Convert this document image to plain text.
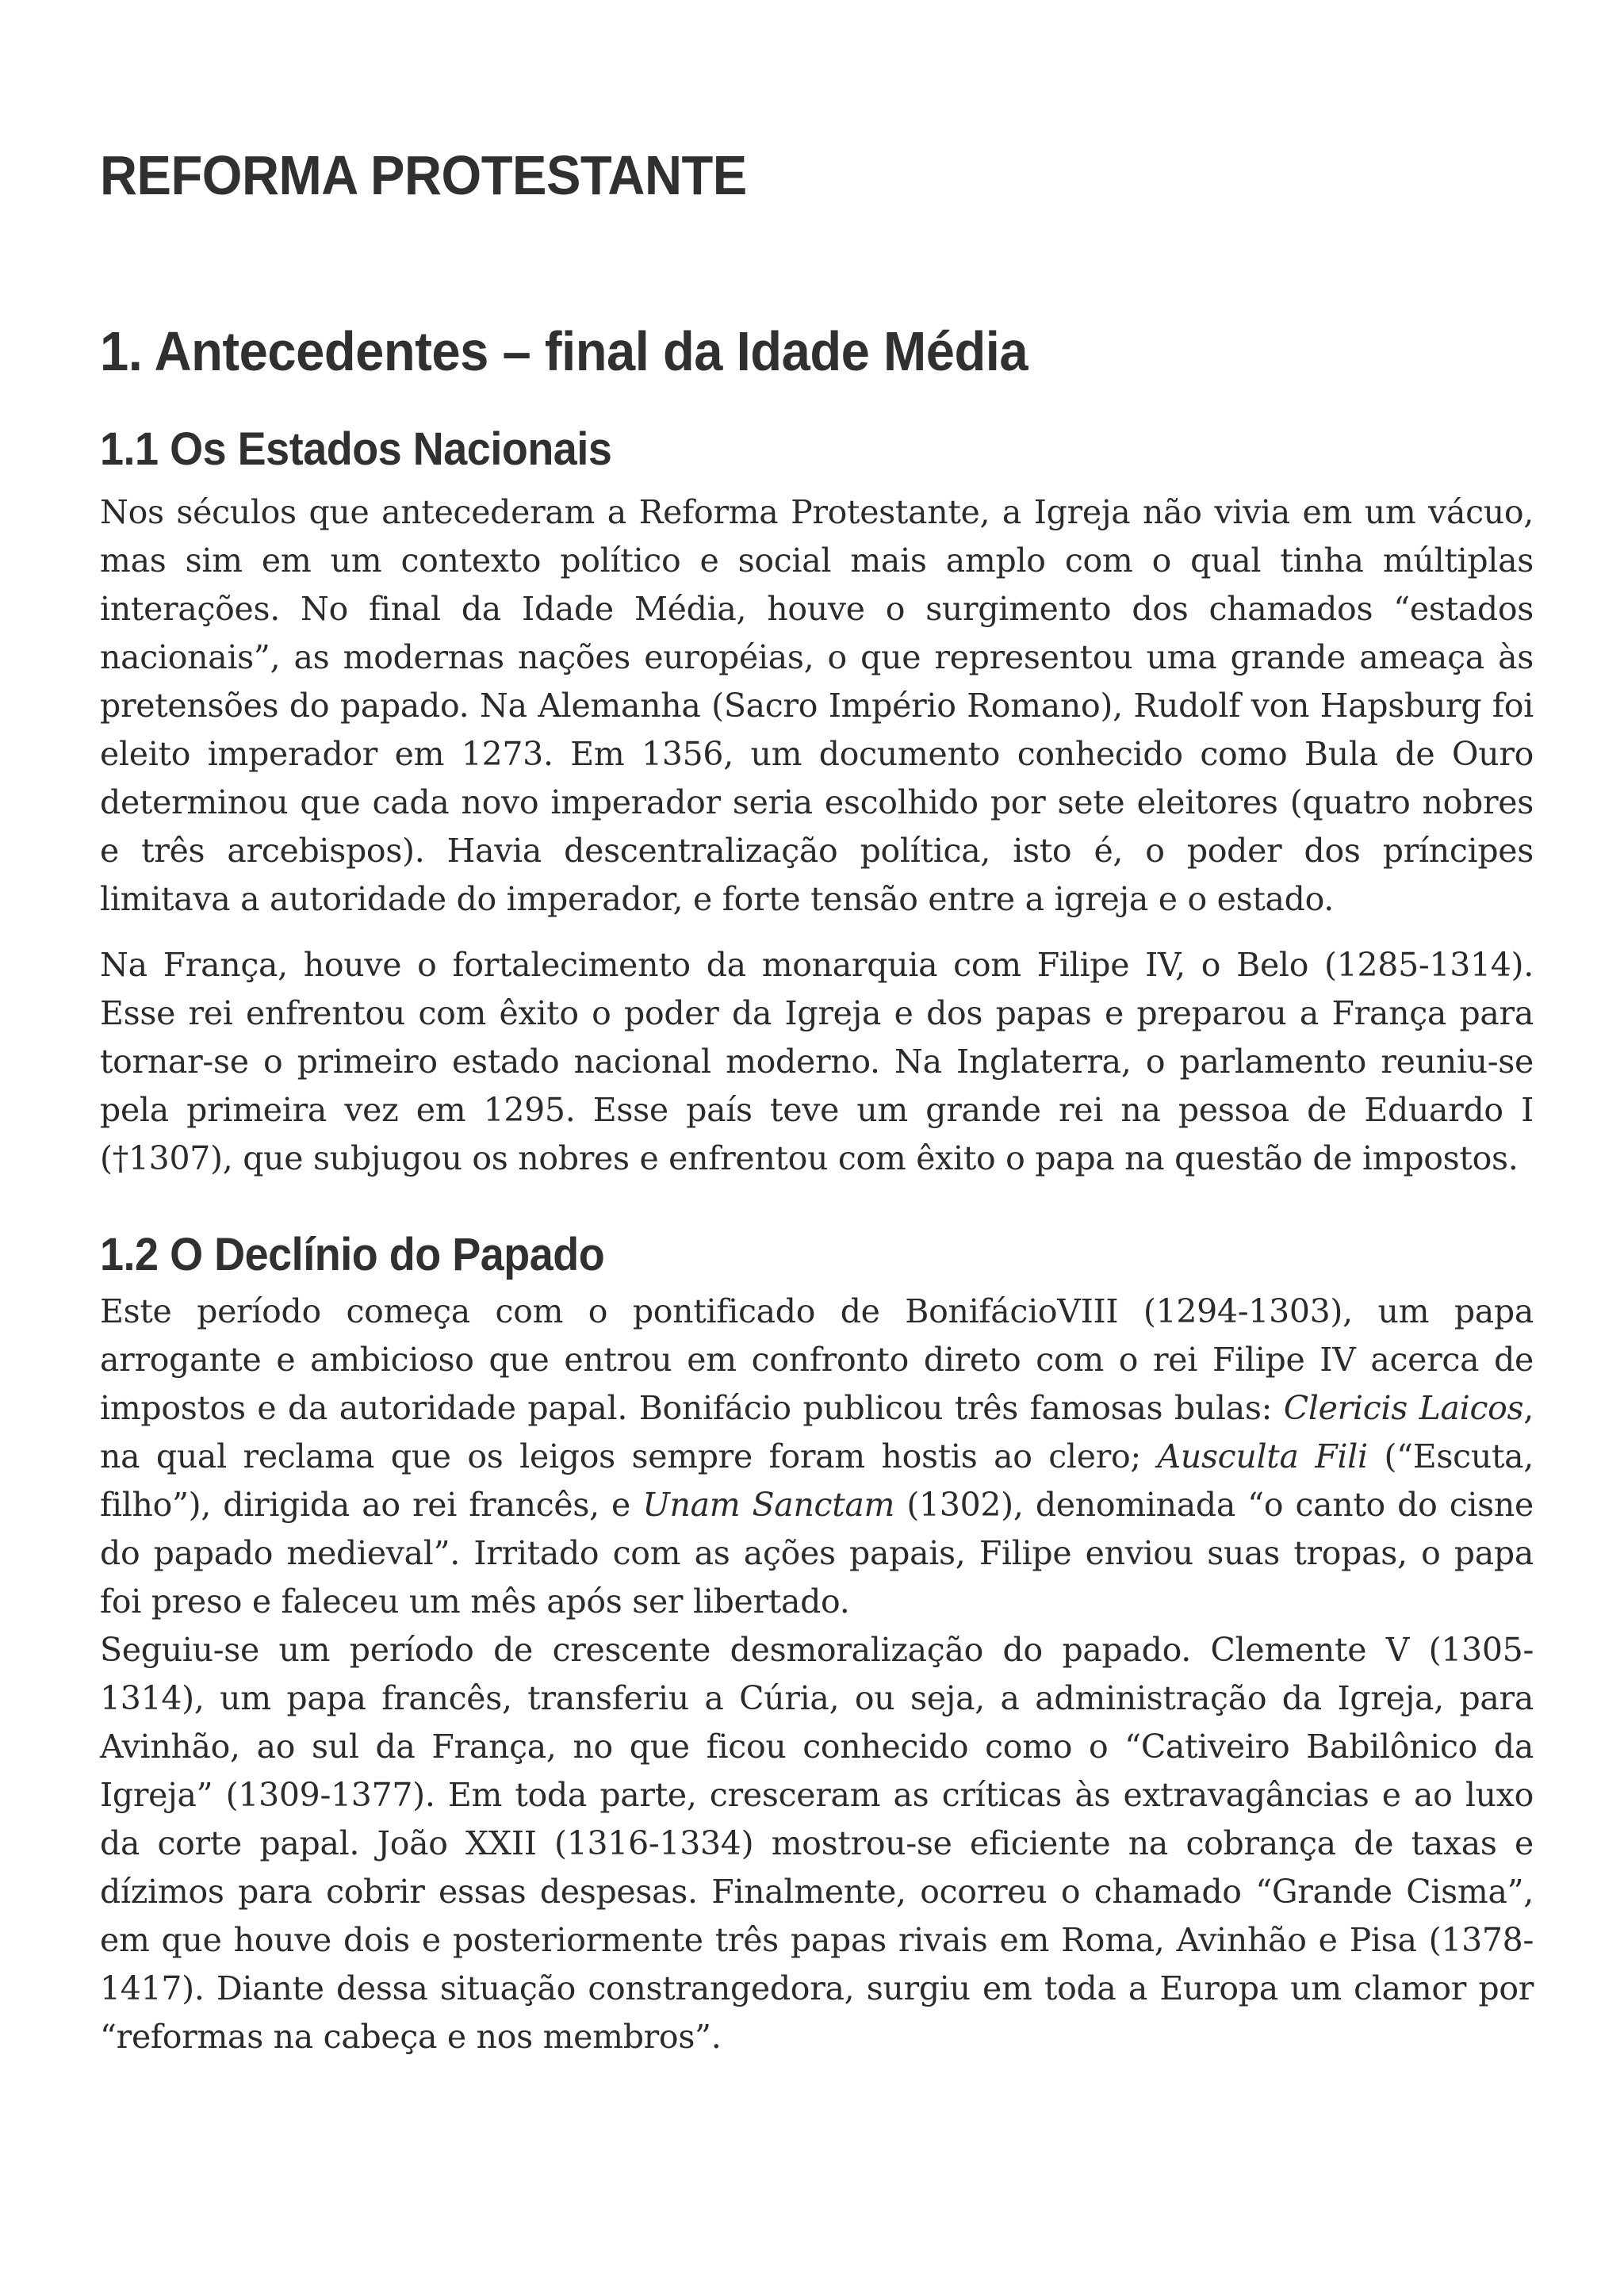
REFORMA PROTESTANTE
1. Antecedentes – final da Idade Média
1.1 Os Estados Nacionais

Nos séculos que antecederam a Reforma Protestante, a Igreja não vivia em um vácuo, mas sim em um contexto político e social mais amplo com o qual tinha múltiplas interações. No final da Idade Média, houve o surgimento dos chamados “estados nacionais”, as modernas nações européias, o que representou uma grande ameaça às pretensões do papado. Na Alemanha (Sacro Império Romano), Rudolf von Hapsburg foi eleito imperador em 1273. Em 1356, um documento conhecido como Bula de Ouro determinou que cada novo imperador seria escolhido por sete eleitores (quatro nobres e três arcebispos). Havia descentralização política, isto é, o poder dos príncipes limitava a autoridade do imperador, e forte tensão entre a igreja e o estado.

Na França, houve o fortalecimento da monarquia com Filipe IV, o Belo (1285-1314). Esse rei enfrentou com êxito o poder da Igreja e dos papas e preparou a França para tornar-se o primeiro estado nacional moderno. Na Inglaterra, o parlamento reuniu-se pela primeira vez em 1295. Esse país teve um grande rei na pessoa de Eduardo I (†1307), que subjugou os nobres e enfrentou com êxito o papa na questão de impostos.

1.2 O Declínio do Papado

Este período começa com o pontificado de BonifácioVIII (1294-1303), um papa arrogante e ambicioso que entrou em confronto direto com o rei Filipe IV acerca de impostos e da autoridade papal. Bonifácio publicou três famosas bulas: Clericis Laicos, na qual reclama que os leigos sempre foram hostis ao clero; Ausculta Fili (“Escuta, filho”), dirigida ao rei francês, e Unam Sanctam (1302), denominada “o canto do cisne do papado medieval”. Irritado com as ações papais, Filipe enviou suas tropas, o papa foi preso e faleceu um mês após ser libertado.

Seguiu-se um período de crescente desmoralização do papado. Clemente V (1305-1314), um papa francês, transferiu a Cúria, ou seja, a administração da Igreja, para Avinhão, ao sul da França, no que ficou conhecido como o “Cativeiro Babilônico da Igreja” (1309-1377). Em toda parte, cresceram as críticas às extravagâncias e ao luxo da corte papal. João XXII (1316-1334) mostrou-se eficiente na cobrança de taxas e dízimos para cobrir essas despesas. Finalmente, ocorreu o chamado “Grande Cisma”, em que houve dois e posteriormente três papas rivais em Roma, Avinhão e Pisa (1378-1417). Diante dessa situação constrangedora, surgiu em toda a Europa um clamor por “reformas na cabeça e nos membros”.
